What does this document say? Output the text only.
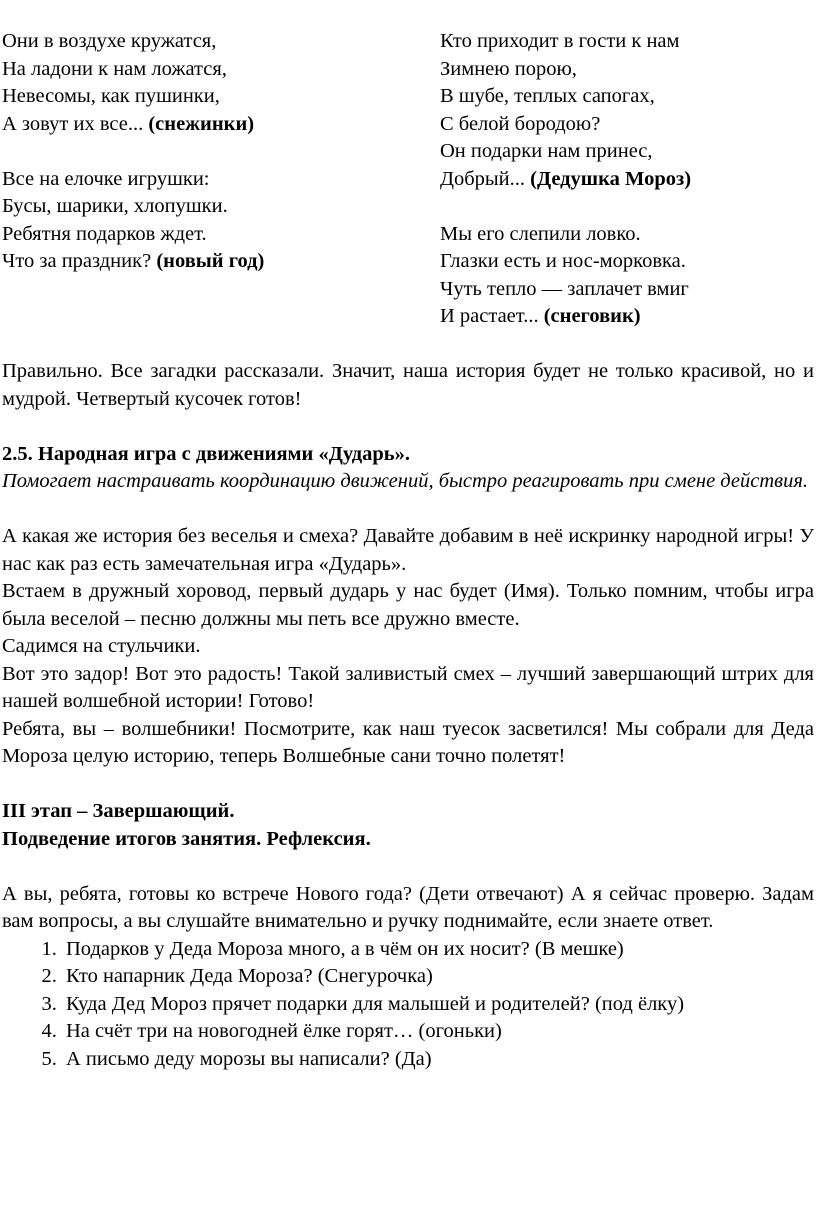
Они в воздухе кружатся,
На ладони к нам ложатся,
Невесомы, как пушинки,
А зовут их все... (снежинки)
Все на елочке игрушки:
Бусы, шарики, хлопушки.
Ребятня подарков ждет.
Что за праздник? (новый год)
Кто приходит в гости к нам
Зимнею порою,
В шубе, теплых сапогах,
С белой бородою?
Он подарки нам принес,
Добрый... (Дедушка Мороз)
Мы его слепили ловко.
Глазки есть и нос-морковка.
Чуть тепло — заплачет вмиг
И растает... (снеговик)
Правильно. Все загадки рассказали. Значит, наша история будет не только красивой, но и мудрой. Четвертый кусочек готов!
2.5. Народная игра с движениями «Дударь».
Помогает настраивать координацию движений, быстро реагировать при смене действия.
А какая же история без веселья и смеха? Давайте добавим в неё искринку народной игры! У нас как раз есть замечательная игра «Дударь».
Встаем в дружный хоровод, первый дударь у нас будет (Имя). Только помним, чтобы игра была веселой – песню должны мы петь все дружно вместе.
Садимся на стульчики.
Вот это задор! Вот это радость! Такой заливистый смех – лучший завершающий штрих для нашей волшебной истории! Готово!
Ребята, вы – волшебники! Посмотрите, как наш туесок засветился! Мы собрали для Деда Мороза целую историю, теперь Волшебные сани точно полетят!
III этап – Завершающий.
Подведение итогов занятия. Рефлексия.
А вы, ребята, готовы ко встрече Нового года? (Дети отвечают) А я сейчас проверю. Задам вам вопросы, а вы слушайте внимательно и ручку поднимайте, если знаете ответ.
1. Подарков у Деда Мороза много, а в чём он их носит? (В мешке)
2. Кто напарник Деда Мороза? (Снегурочка)
3. Куда Дед Мороз прячет подарки для малышей и родителей? (под ёлку)
4. На счёт три на новогодней ёлке горят… (огоньки)
5. А письмо деду морозы вы написали? (Да)
